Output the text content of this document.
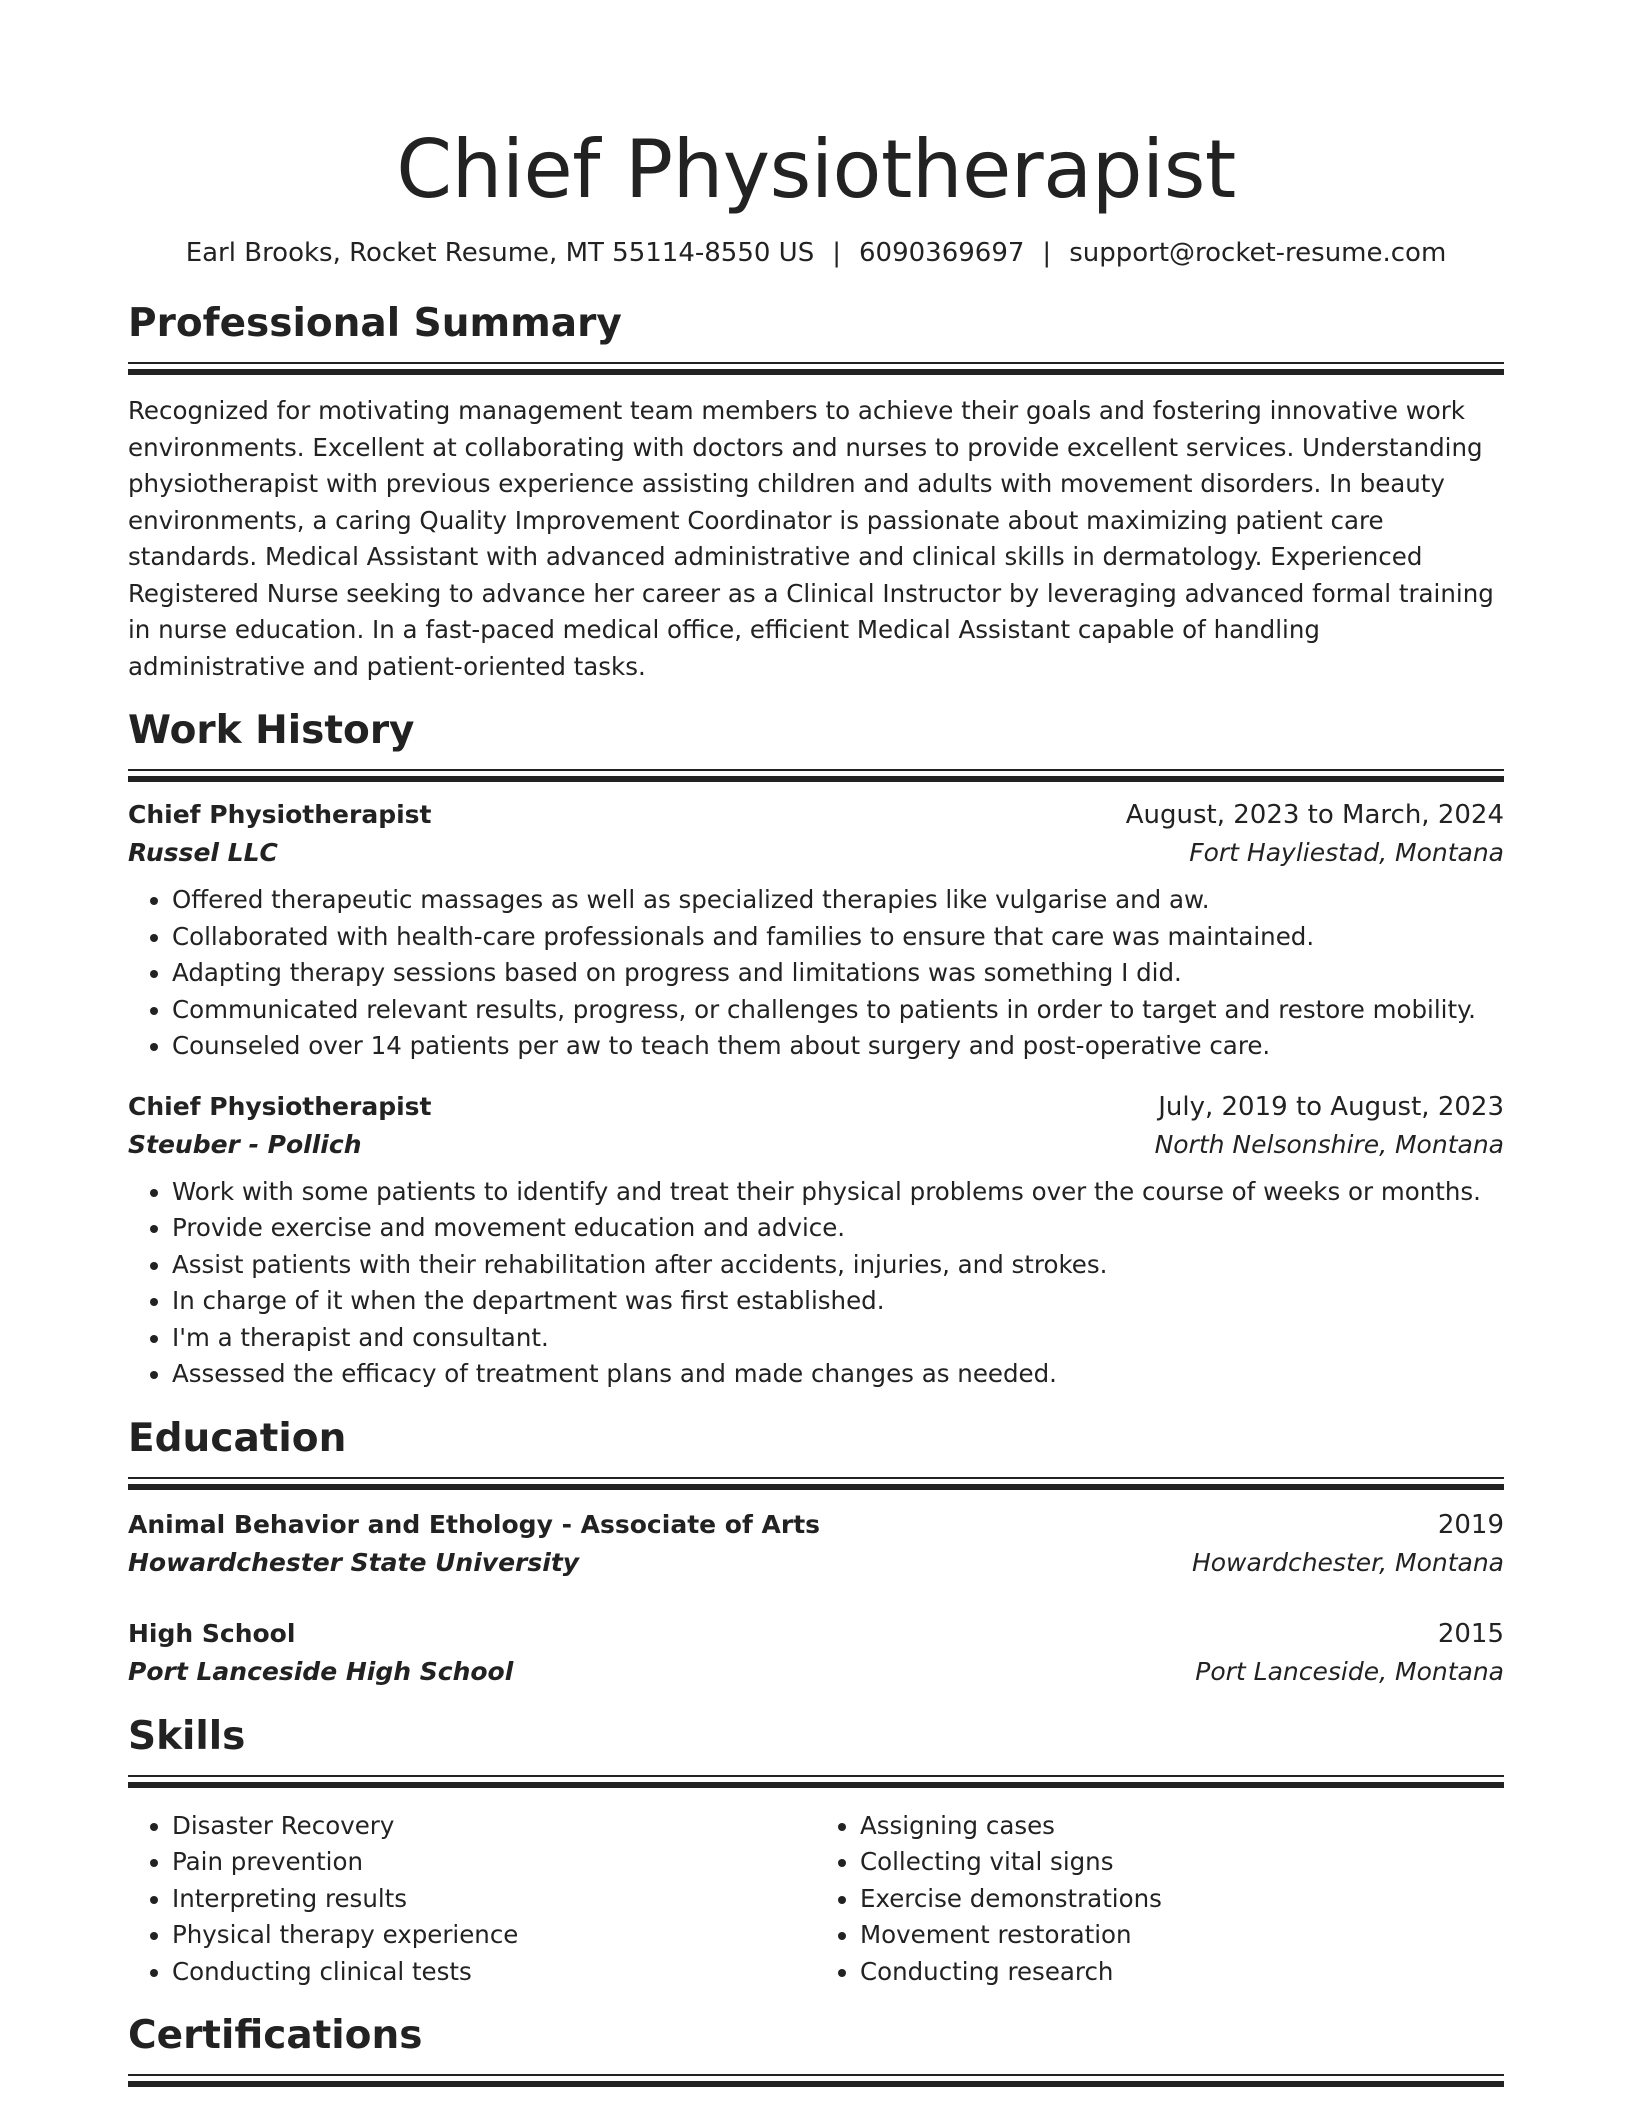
Chief Physiotherapist
Earl Brooks, Rocket Resume, MT 55114-8550 US | 6090369697 | support@rocket-resume.com
Professional Summary
Recognized for motivating management team members to achieve their goals and fostering innovative work environments. Excellent at collaborating with doctors and nurses to provide excellent services. Understanding physiotherapist with previous experience assisting children and adults with movement disorders. In beauty environments, a caring Quality Improvement Coordinator is passionate about maximizing patient care standards. Medical Assistant with advanced administrative and clinical skills in dermatology. Experienced Registered Nurse seeking to advance her career as a Clinical Instructor by leveraging advanced formal training in nurse education. In a fast-paced medical office, efficient Medical Assistant capable of handling administrative and patient-oriented tasks.
Work History
Chief Physiotherapist	August, 2023 to March, 2024
Russel LLC	Fort Hayliestad, Montana
• Offered therapeutic massages as well as specialized therapies like vulgarise and aw.
• Collaborated with health-care professionals and families to ensure that care was maintained.
• Adapting therapy sessions based on progress and limitations was something I did.
• Communicated relevant results, progress, or challenges to patients in order to target and restore mobility.
• Counseled over 14 patients per aw to teach them about surgery and post-operative care.
Chief Physiotherapist	July, 2019 to August, 2023
Steuber - Pollich	North Nelsonshire, Montana
• Work with some patients to identify and treat their physical problems over the course of weeks or months.
• Provide exercise and movement education and advice.
• Assist patients with their rehabilitation after accidents, injuries, and strokes.
• In charge of it when the department was first established.
• I'm a therapist and consultant.
• Assessed the efficacy of treatment plans and made changes as needed.
Education
Animal Behavior and Ethology - Associate of Arts	2019
Howardchester State University	Howardchester, Montana
High School	2015
Port Lanceside High School	Port Lanceside, Montana
Skills
• Disaster Recovery
• Pain prevention
• Interpreting results
• Physical therapy experience
• Conducting clinical tests
• Assigning cases
• Collecting vital signs
• Exercise demonstrations
• Movement restoration
• Conducting research
Certifications
